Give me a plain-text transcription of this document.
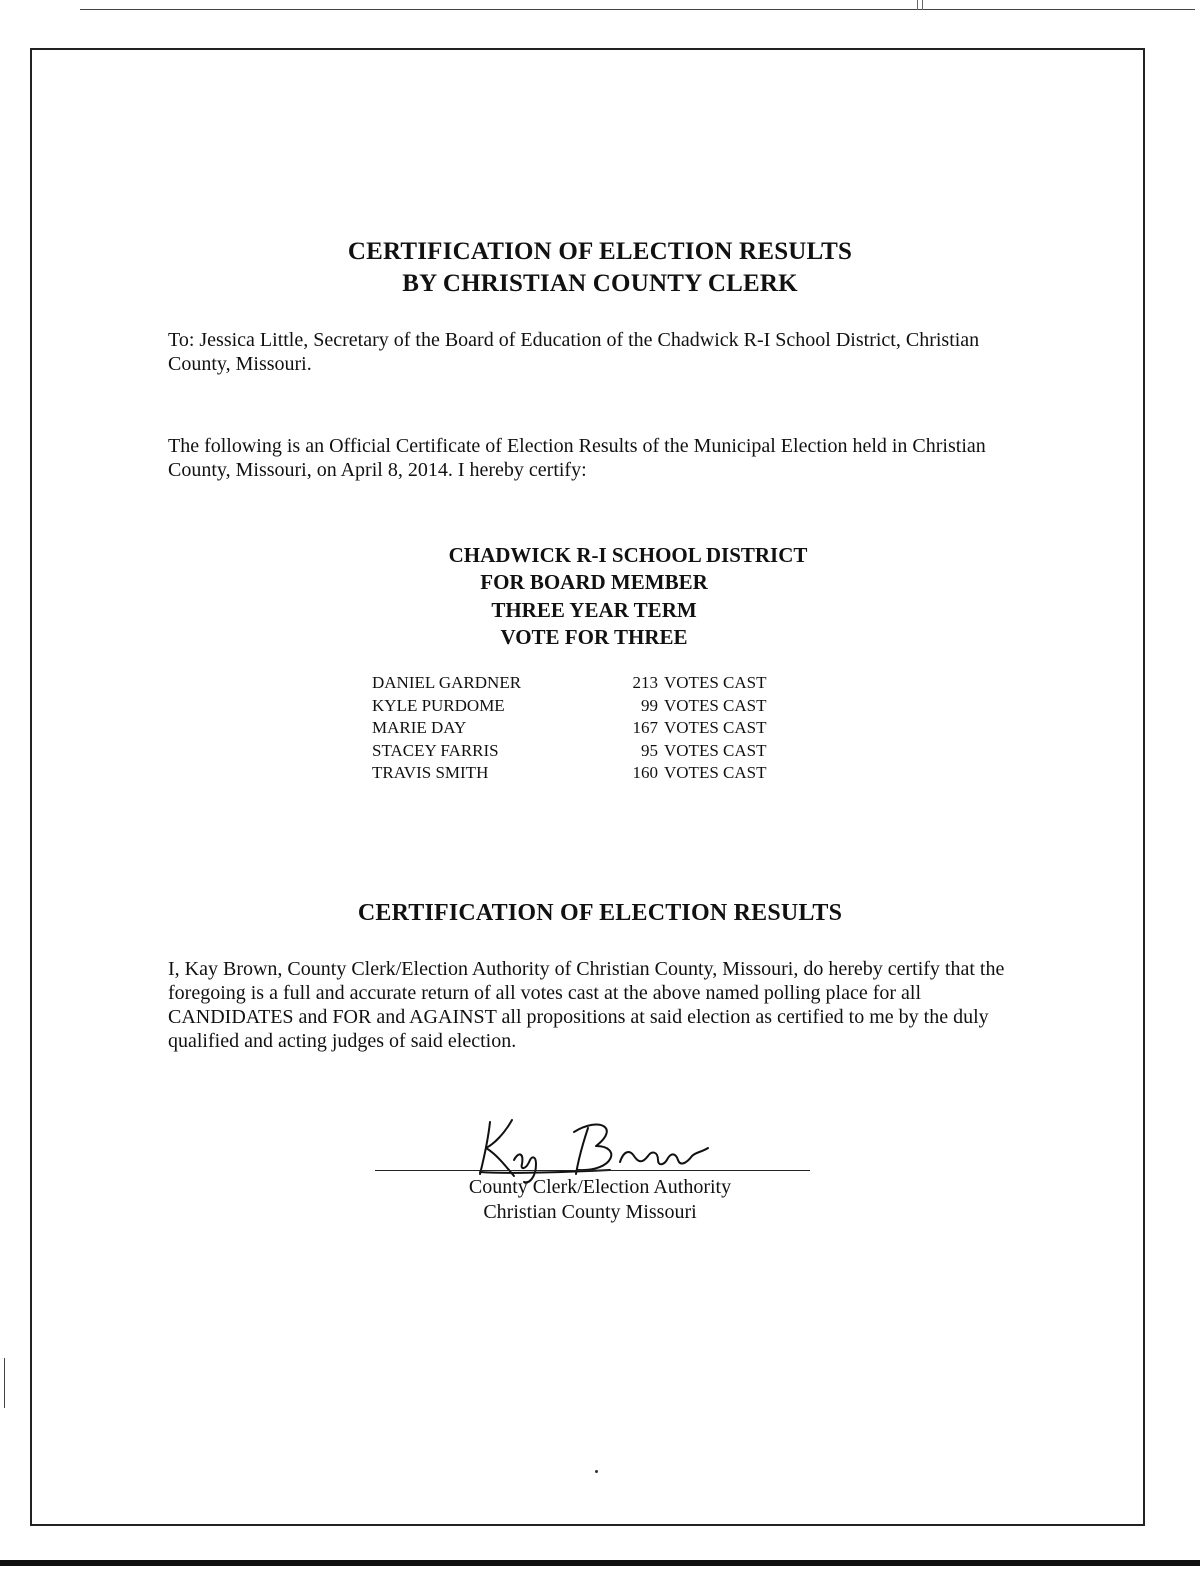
CERTIFICATION OF ELECTION RESULTS
BY CHRISTIAN COUNTY CLERK

To: Jessica Little, Secretary of the Board of Education of the Chadwick R-I School District, Christian County, Missouri.

The following is an Official Certificate of Election Results of the Municipal Election held in Christian County, Missouri, on April 8, 2014. I hereby certify:

CHADWICK R-I SCHOOL DISTRICT

FOR BOARD MEMBER

THREE YEAR TERM

VOTE FOR THREE

DANIEL GARDNER	213 VOTES CAST
KYLE PURDOME	99 VOTES CAST
MARIE DAY	167 VOTES CAST
STACEY FARRIS	95 VOTES CAST
TRAVIS SMITH	160 VOTES CAST
CERTIFICATION OF ELECTION RESULTS

I, Kay Brown, County Clerk/Election Authority of Christian County, Missouri, do hereby certify that the foregoing is a full and accurate return of all votes cast at the above named polling place for all CANDIDATES and FOR and AGAINST all propositions at said election as certified to me by the duly qualified and acting judges of said election.

County Clerk/Election Authority

Christian County Missouri
